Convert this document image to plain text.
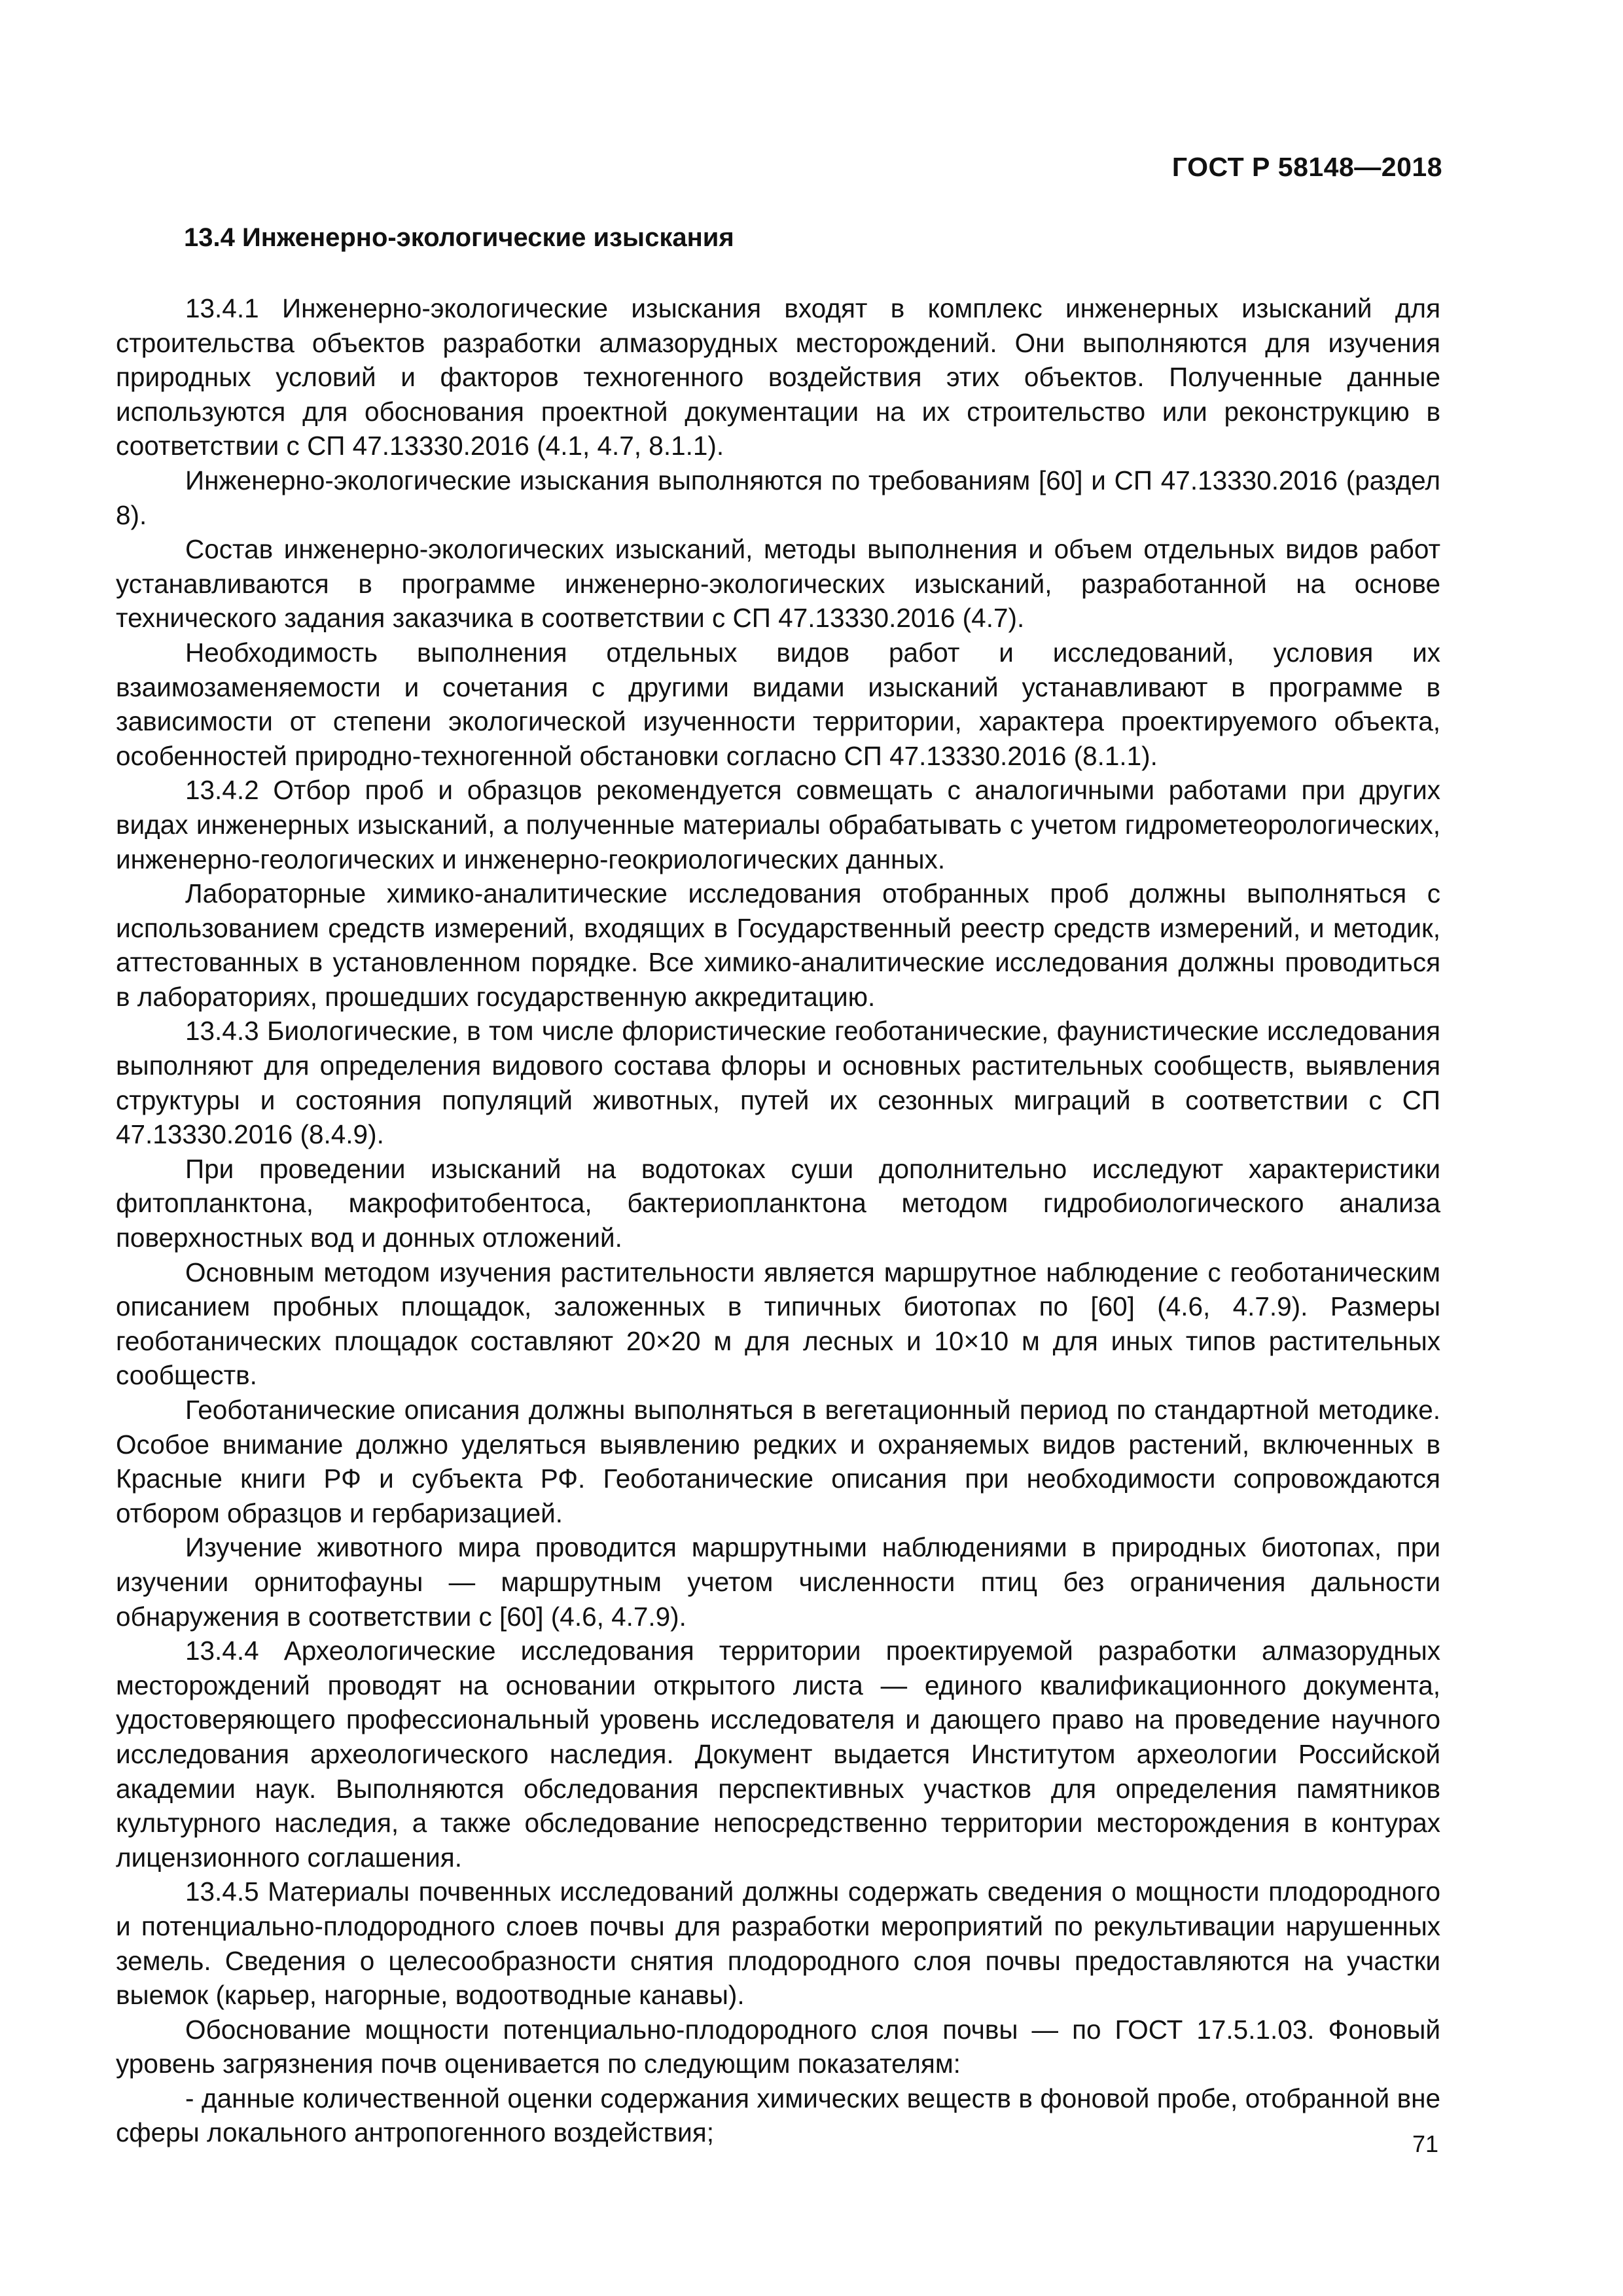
ГОСТ Р 58148—2018
13.4 Инженерно-экологические изыскания

13.4.1 Инженерно-экологические изыскания входят в комплекс инженерных изысканий для строительства объектов разработки алмазорудных месторождений. Они выполняются для изучения природных условий и факторов техногенного воздействия этих объектов. Полученные данные используются для обоснования проектной документации на их строительство или реконструкцию в соответствии с СП 47.13330.2016 (4.1, 4.7, 8.1.1).

Инженерно-экологические изыскания выполняются по требованиям [60] и СП 47.13330.2016 (раздел 8).

Состав инженерно-экологических изысканий, методы выполнения и объем отдельных видов работ устанавливаются в программе инженерно-экологических изысканий, разработанной на основе технического задания заказчика в соответствии с СП 47.13330.2016 (4.7).

Необходимость выполнения отдельных видов работ и исследований, условия их взаимозаменяемости и сочетания с другими видами изысканий устанавливают в программе в зависимости от степени экологической изученности территории, характера проектируемого объекта, особенностей природно-техногенной обстановки согласно СП 47.13330.2016 (8.1.1).

13.4.2 Отбор проб и образцов рекомендуется совмещать с аналогичными работами при других видах инженерных изысканий, а полученные материалы обрабатывать с учетом гидрометеорологических, инженерно-геологических и инженерно-геокриологических данных.

Лабораторные химико-аналитические исследования отобранных проб должны выполняться с использованием средств измерений, входящих в Государственный реестр средств измерений, и методик, аттестованных в установленном порядке. Все химико-аналитические исследования должны проводиться в лабораториях, прошедших государственную аккредитацию.

13.4.3 Биологические, в том числе флористические геоботанические, фаунистические исследования выполняют для определения видового состава флоры и основных растительных сообществ, выявления структуры и состояния популяций животных, путей их сезонных миграций в соответствии с СП 47.13330.2016 (8.4.9).

При проведении изысканий на водотоках суши дополнительно исследуют характеристики фитопланктона, макрофитобентоса, бактериопланктона методом гидробиологического анализа поверхностных вод и донных отложений.

Основным методом изучения растительности является маршрутное наблюдение с геоботаническим описанием пробных площадок, заложенных в типичных биотопах по [60] (4.6, 4.7.9). Размеры геоботанических площадок составляют 20×20 м для лесных и 10×10 м для иных типов растительных сообществ.

Геоботанические описания должны выполняться в вегетационный период по стандартной методике. Особое внимание должно уделяться выявлению редких и охраняемых видов растений, включенных в Красные книги РФ и субъекта РФ. Геоботанические описания при необходимости сопровождаются отбором образцов и гербаризацией.

Изучение животного мира проводится маршрутными наблюдениями в природных биотопах, при изучении орнитофауны — маршрутным учетом численности птиц без ограничения дальности обнаружения в соответствии с [60] (4.6, 4.7.9).

13.4.4 Археологические исследования территории проектируемой разработки алмазорудных месторождений проводят на основании открытого листа — единого квалификационного документа, удостоверяющего профессиональный уровень исследователя и дающего право на проведение научного исследования археологического наследия. Документ выдается Институтом археологии Российской академии наук. Выполняются обследования перспективных участков для определения памятников культурного наследия, а также обследование непосредственно территории месторождения в контурах лицензионного соглашения.

13.4.5 Материалы почвенных исследований должны содержать сведения о мощности плодородного и потенциально-плодородного слоев почвы для разработки мероприятий по рекультивации нарушенных земель. Сведения о целесообразности снятия плодородного слоя почвы предоставляются на участки выемок (карьер, нагорные, водоотводные канавы).

Обоснование мощности потенциально-плодородного слоя почвы — по ГОСТ 17.5.1.03. Фоновый уровень загрязнения почв оценивается по следующим показателям:

- данные количественной оценки содержания химических веществ в фоновой пробе, отобранной вне сферы локального антропогенного воздействия;	71
